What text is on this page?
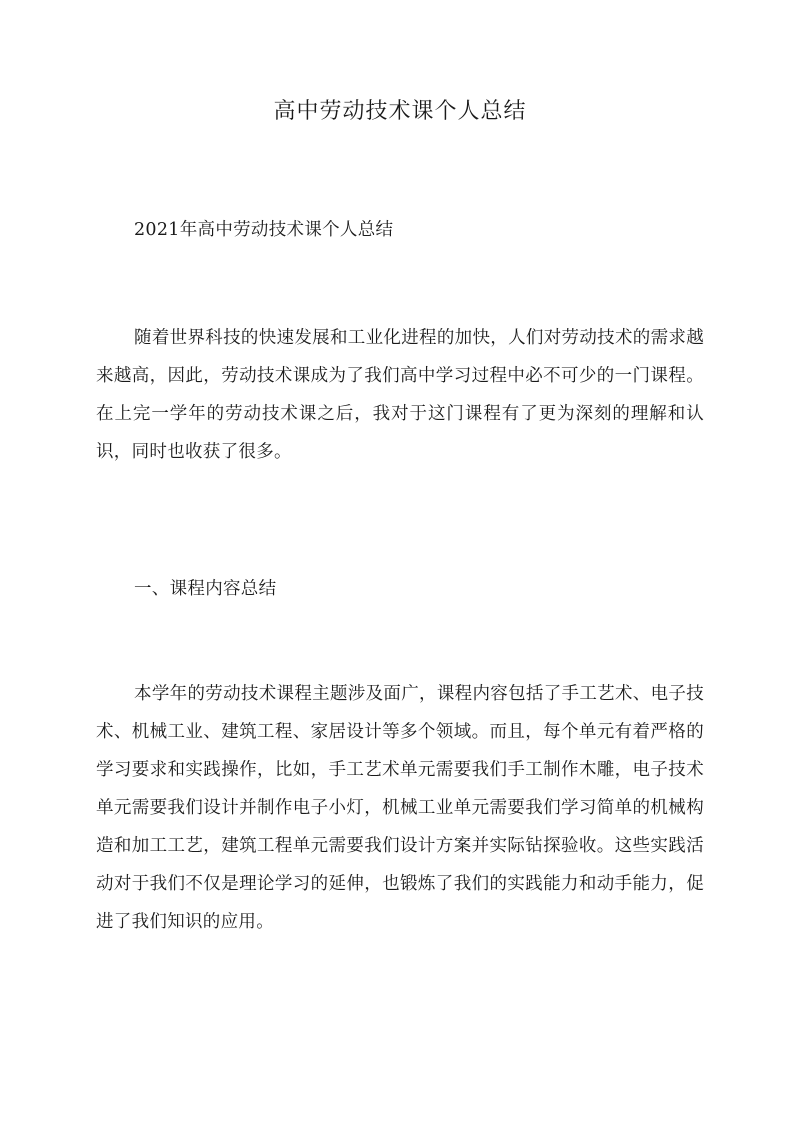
高中劳动技术课个人总结

2021年高中劳动技术课个人总结

随着世界科技的快速发展和工业化进程的加快，人们对劳动技术的需求越来越高，因此，劳动技术课成为了我们高中学习过程中必不可少的一门课程。在上完一学年的劳动技术课之后，我对于这门课程有了更为深刻的理解和认识，同时也收获了很多。

一、课程内容总结

本学年的劳动技术课程主题涉及面广，课程内容包括了手工艺术、电子技术、机械工业、建筑工程、家居设计等多个领域。而且，每个单元有着严格的学习要求和实践操作，比如，手工艺术单元需要我们手工制作木雕，电子技术单元需要我们设计并制作电子小灯，机械工业单元需要我们学习简单的机械构造和加工工艺，建筑工程单元需要我们设计方案并实际钻探验收。这些实践活动对于我们不仅是理论学习的延伸，也锻炼了我们的实践能力和动手能力，促进了我们知识的应用。
